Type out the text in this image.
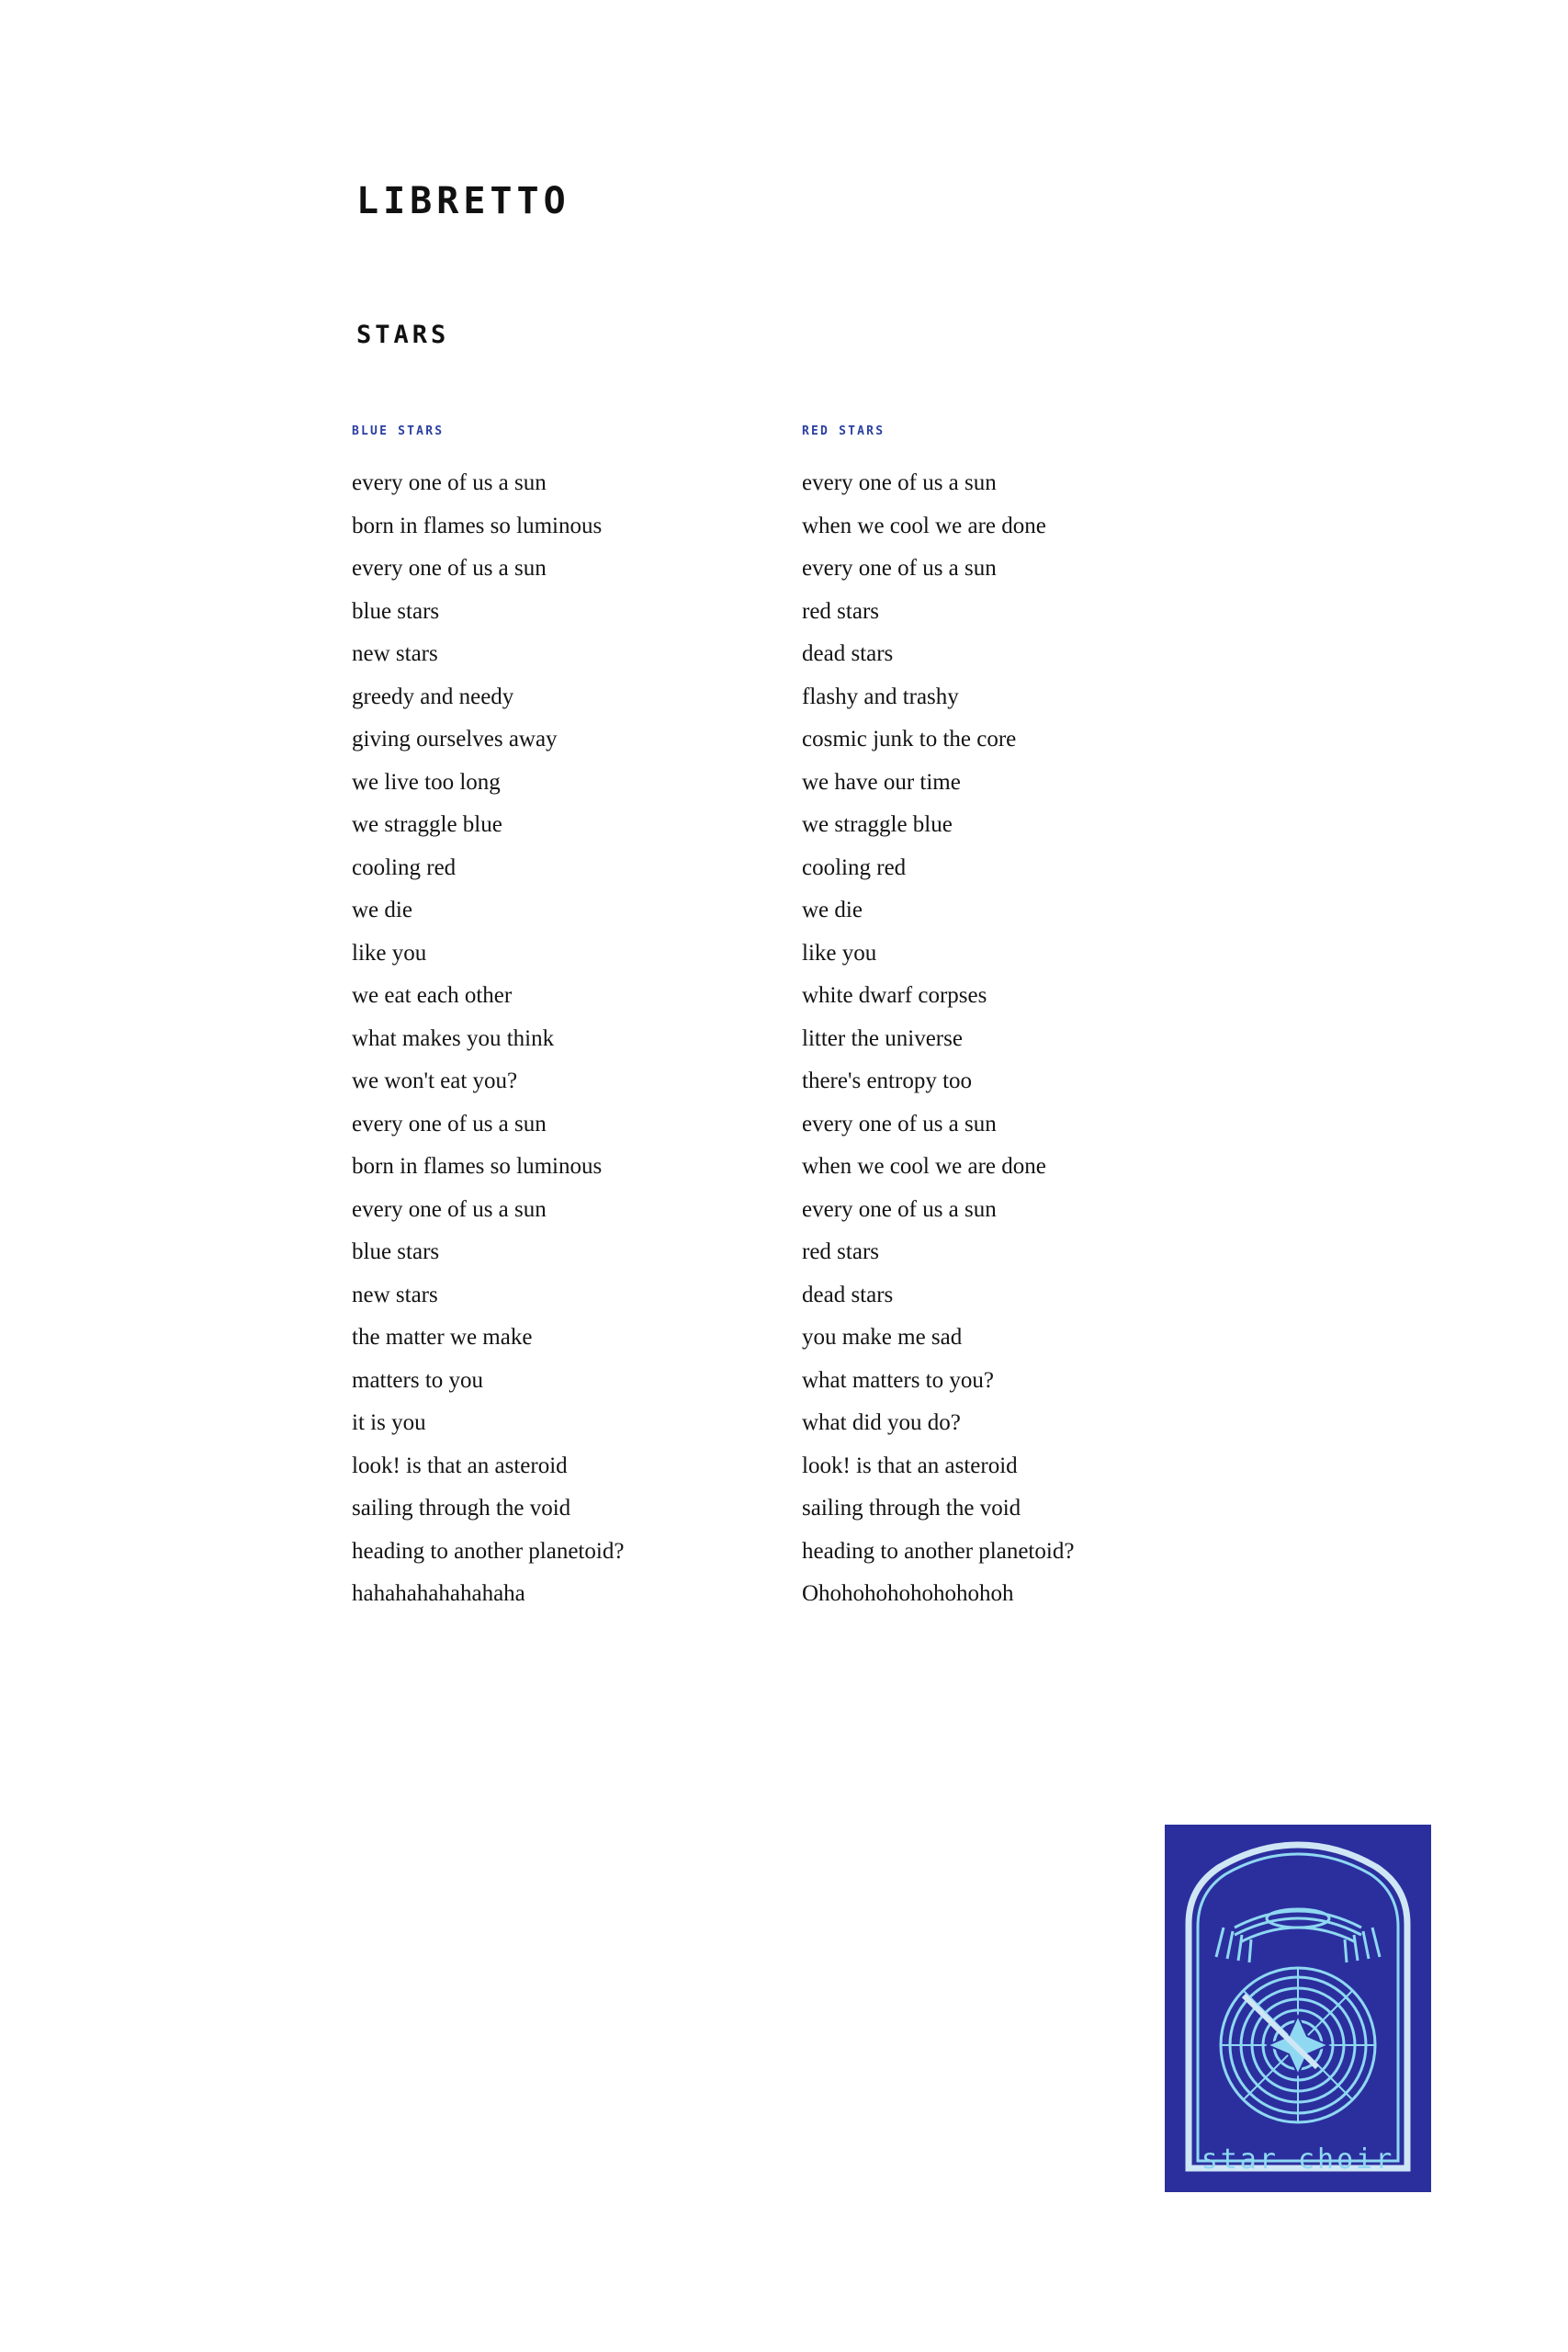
LIBRETTO
STARS
BLUE STARS
every one of us a sun
born in flames so luminous
every one of us a sun
blue stars
new stars
greedy and needy
giving ourselves away
we live too long
we straggle blue
cooling red
we die
like you
we eat each other
what makes you think
we won't eat you?
every one of us a sun
born in flames so luminous
every one of us a sun
blue stars
new stars
the matter we make
matters to you
it is you
look! is that an asteroid
sailing through the void
heading to another planetoid?
hahahahahahahaha
RED STARS
every one of us a sun
when we cool we are done
every one of us a sun
red stars
dead stars
flashy and trashy
cosmic junk to the core
we have our time
we straggle blue
cooling red
we die
like you
white dwarf corpses
litter the universe
there's entropy too
every one of us a sun
when we cool we are done
every one of us a sun
red stars
dead stars
you make me sad
what matters to you?
what did you do?
look! is that an asteroid
sailing through the void
heading to another planetoid?
Ohohohohohohohohoh
star choir
